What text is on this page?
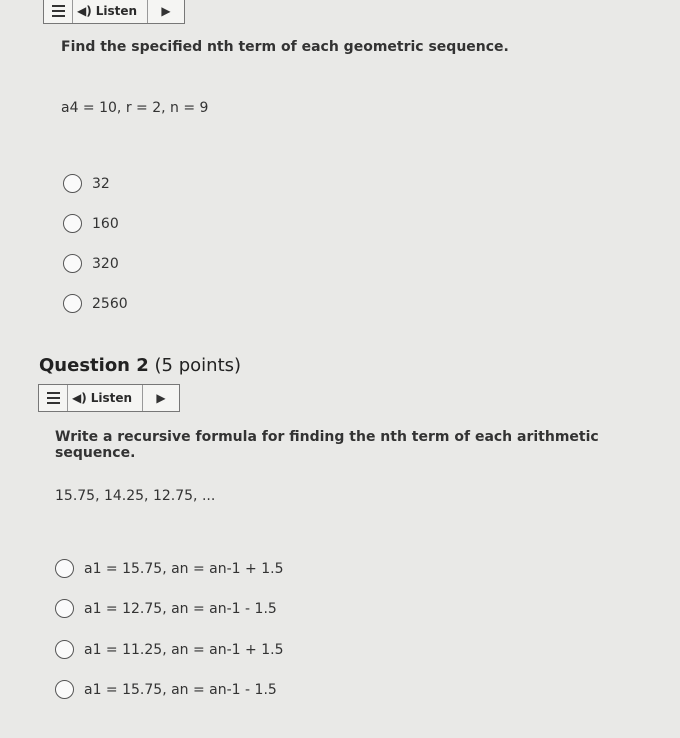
◀) Listen	▶
Find the specified nth term of each geometric sequence.
a4 = 10, r = 2, n = 9
32
160
320
2560
Question 2 (5 points)
◀) Listen	▶
Write a recursive formula for finding the nth term of each arithmetic sequence.
15.75, 14.25, 12.75, ...
a1 = 15.75, an = an-1 + 1.5
a1 = 12.75, an = an-1 - 1.5
a1 = 11.25, an = an-1 + 1.5
a1 = 15.75, an = an-1 - 1.5
